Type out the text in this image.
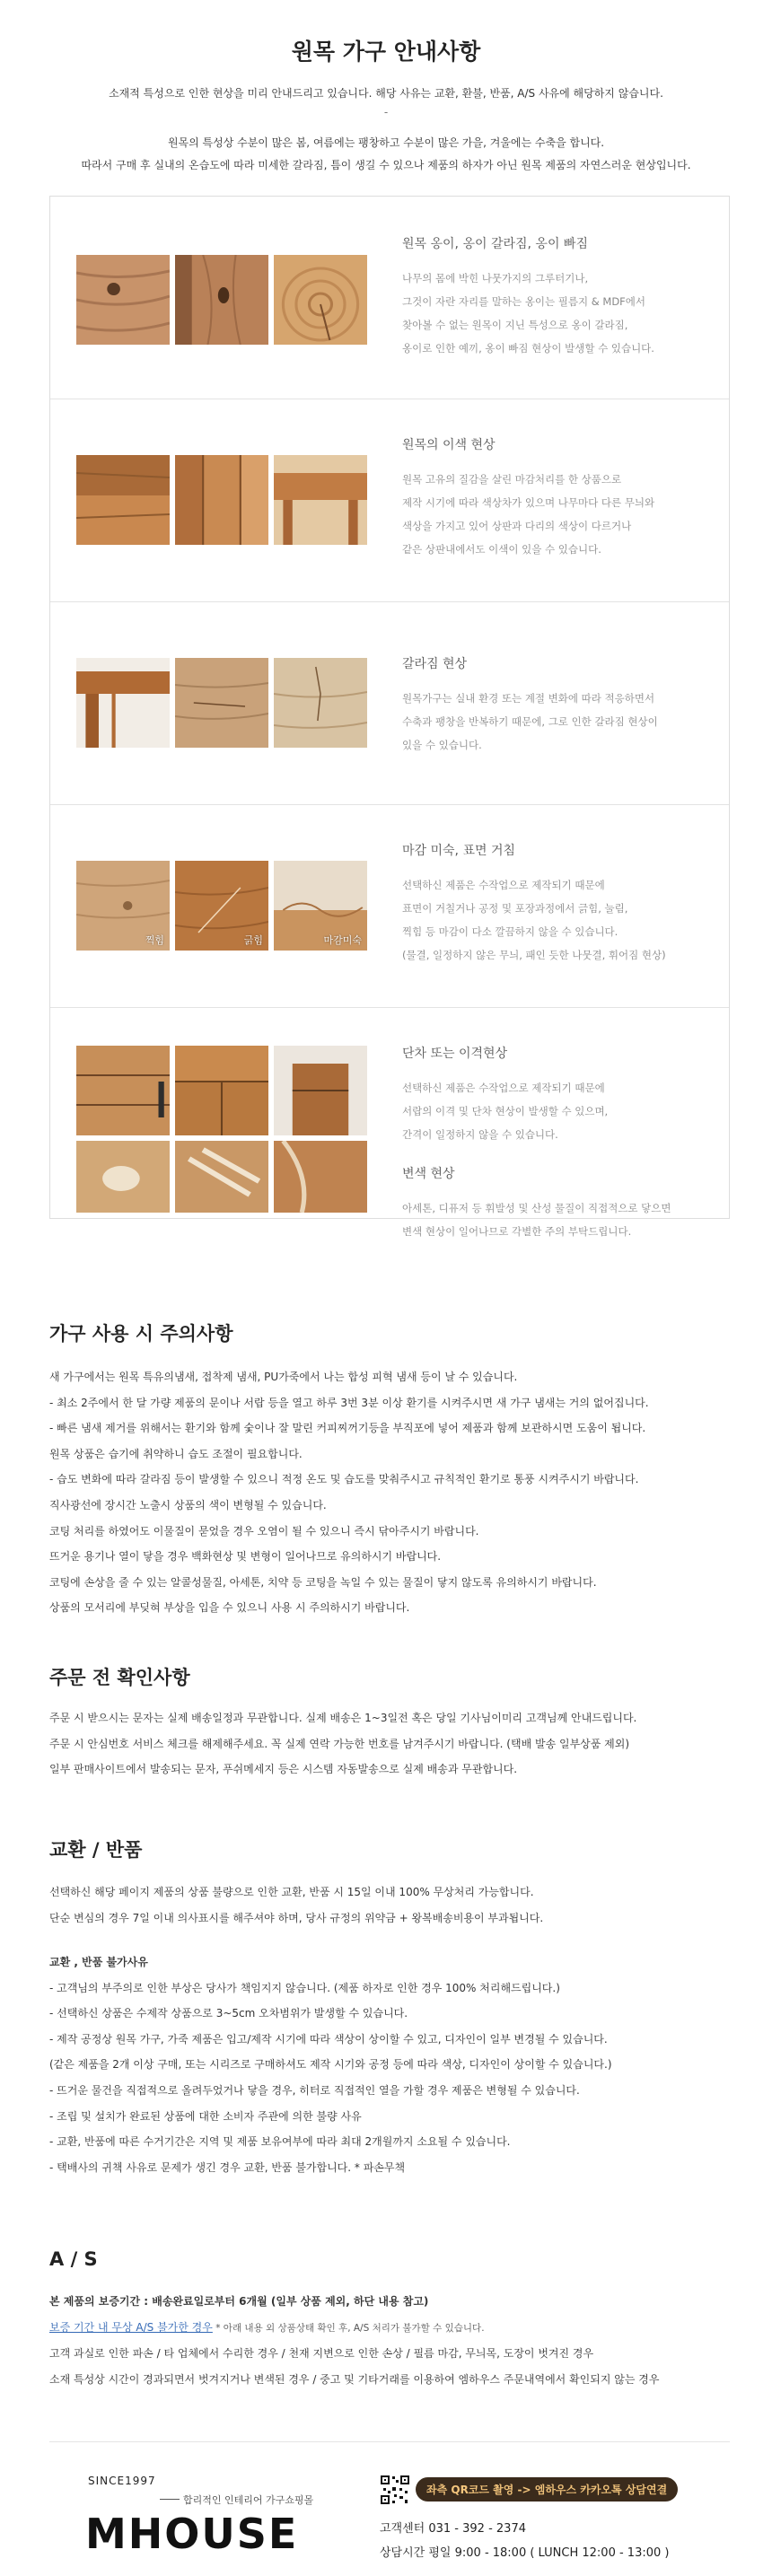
원목 가구 안내사항
소재적 특성으로 인한 현상을 미리 안내드리고 있습니다. 해당 사유는 교환, 환불, 반품, A/S 사유에 해당하지 않습니다.
-
원목의 특성상 수분이 많은 봄, 여름에는 팽창하고 수분이 많은 가을, 겨울에는 수축을 합니다.
따라서 구매 후 실내의 온습도에 따라 미세한 갈라짐, 틈이 생길 수 있으나 제품의 하자가 아닌 원목 제품의 자연스러운 현상입니다.
원목 옹이, 옹이 갈라짐, 옹이 빠짐
나무의 몸에 박힌 나뭇가지의 그루터기나,
그것이 자란 자리를 말하는 옹이는 필름지 & MDF에서
찾아볼 수 없는 원목이 지닌 특성으로 옹이 갈라짐,
옹이로 인한 예끼, 옹이 빠짐 현상이 발생할 수 있습니다.
원목의 이색 현상
원목 고유의 질감을 살린 마감처리를 한 상품으로
제작 시기에 따라 색상차가 있으며 나무마다 다른 무늬와
색상을 가지고 있어 상판과 다리의 색상이 다르거나
같은 상판내에서도 이색이 있을 수 있습니다.
갈라짐 현상
원목가구는 실내 환경 또는 계절 변화에 따라 적응하면서
수축과 팽창을 반복하기 때문에, 그로 인한 갈라짐 현상이
있을 수 있습니다.
찍힘	긁힘	마감미숙
마감 미숙, 표면 거침
선택하신 제품은 수작업으로 제작되기 때문에
표면이 거칠거나 공정 및 포장과정에서 긁힘, 눌림,
찍힘 등 마감이 다소 깔끔하지 않을 수 있습니다.
(물결, 일정하지 않은 무늬, 패인 듯한 나뭇결, 휘어짐 현상)
단차 또는 이격현상
선택하신 제품은 수작업으로 제작되기 때문에
서랍의 이격 및 단차 현상이 발생할 수 있으며,
간격이 일정하지 않을 수 있습니다.
변색 현상
아세톤, 디퓨저 등 휘발성 및 산성 물질이 직접적으로 닿으면
변색 현상이 일어나므로 각별한 주의 부탁드립니다.
가구 사용 시 주의사항
새 가구에서는 원목 특유의냄새, 접착제 냄새, PU가죽에서 나는 합성 피혁 냄새 등이 날 수 있습니다.
- 최소 2주에서 한 달 가량 제품의 문이나 서랍 등을 열고 하루 3번 3분 이상 환기를 시켜주시면 새 가구 냄새는 거의 없어집니다.
- 빠른 냄새 제거를 위해서는 환기와 함께 숯이나 잘 말린 커피찌꺼기등을 부직포에 넣어 제품과 함께 보관하시면 도움이 됩니다.
원목 상품은 습기에 취약하니 습도 조절이 필요합니다.
- 습도 변화에 따라 갈라짐 등이 발생할 수 있으니 적정 온도 및 습도를 맞춰주시고 규칙적인 환기로 통풍 시켜주시기 바랍니다.
직사광선에 장시간 노출시 상품의 색이 변형될 수 있습니다.
코팅 처리를 하였어도 이물질이 묻었을 경우 오염이 될 수 있으니 즉시 닦아주시기 바랍니다.
뜨거운 용기나 열이 닿을 경우 백화현상 및 변형이 일어나므로 유의하시기 바랍니다.
코팅에 손상을 줄 수 있는 알콜성물질, 아세톤, 치약 등 코팅을 녹일 수 있는 물질이 닿지 않도록 유의하시기 바랍니다.
상품의 모서리에 부딪혀 부상을 입을 수 있으니 사용 시 주의하시기 바랍니다.
주문 전 확인사항
주문 시 받으시는 문자는 실제 배송일정과 무관합니다. 실제 배송은 1~3일전 혹은 당일 기사님이미리 고객님께 안내드립니다.
주문 시 안심번호 서비스 체크를 해제해주세요. 꼭 실제 연락 가능한 번호를 남겨주시기 바랍니다. (택배 발송 일부상품 제외)
일부 판매사이트에서 발송되는 문자, 푸쉬메세지 등은 시스템 자동발송으로 실제 배송과 무관합니다.
교환 / 반품
선택하신 해당 페이지 제품의 상품 불량으로 인한 교환, 반품 시 15일 이내 100% 무상처리 가능합니다.
단순 변심의 경우 7일 이내 의사표시를 해주셔야 하며, 당사 규정의 위약금 + 왕복배송비용이 부과됩니다.
교환 , 반품 불가사유
- 고객님의 부주의로 인한 부상은 당사가 책임지지 않습니다. (제품 하자로 인한 경우 100% 처리해드립니다.)
- 선택하신 상품은 수제작 상품으로 3~5cm 오차범위가 발생할 수 있습니다.
- 제작 공정상 원목 가구, 가죽 제품은 입고/제작 시기에 따라 색상이 상이할 수 있고, 디자인이 일부 변경될 수 있습니다.
(같은 제품을 2개 이상 구매, 또는 시리즈로 구매하셔도 제작 시기와 공정 등에 따라 색상, 디자인이 상이할 수 있습니다.)
- 뜨거운 물건을 직접적으로 올려두었거나 닿을 경우, 히터로 직접적인 열을 가할 경우 제품은 변형될 수 있습니다.
- 조립 및 설치가 완료된 상품에 대한 소비자 주관에 의한 불량 사유
- 교환, 반품에 따른 수거기간은 지역 및 제품 보유여부에 따라 최대 2개월까지 소요될 수 있습니다.
- 택배사의 귀책 사유로 문제가 생긴 경우 교환, 반품 불가합니다. * 파손무책
A / S
본 제품의 보증기간 : 배송완료일로부터 6개월 (일부 상품 제외, 하단 내용 참고)
보증 기간 내 무상 A/S 불가한 경우 * 아래 내용 외 상품상태 확인 후, A/S 처리가 불가할 수 있습니다.
고객 과실로 인한 파손 / 타 업체에서 수리한 경우 / 천재 지변으로 인한 손상 / 필름 마감, 무늬목, 도장이 벗겨진 경우
소재 특성상 시간이 경과되면서 벗겨지거나 변색된 경우 / 중고 및 기타거래를 이용하여 엠하우스 주문내역에서 확인되지 않는 경우
SINCE1997
합리적인 인테리어 가구쇼핑몰
MHOUSE
좌측 QR코드 촬영 -> 엠하우스 카카오톡 상담연결
고객센터 031 - 392 - 2374
상담시간 평일 9:00 - 18:00 ( LUNCH 12:00 - 13:00 )
